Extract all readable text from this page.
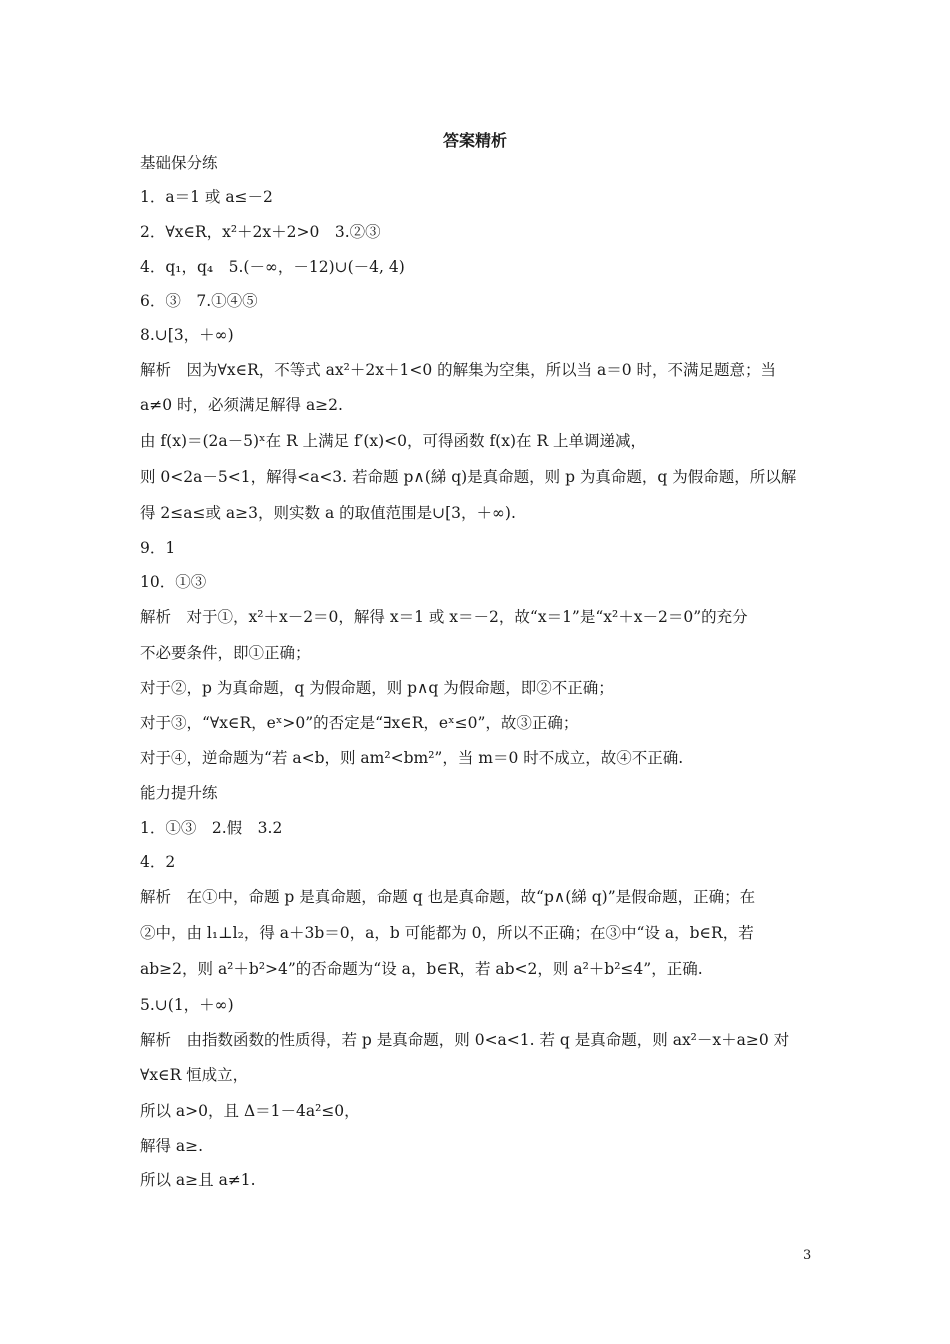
答案精析
基础保分练
1．a＝1 或 a≤－2
2．∀x∈R，x²＋2x＋2>0　3.②③
4．q₁，q₄　5.(－∞，－12)∪(－4, 4)
6．③　7.①④⑤
8.∪[3，＋∞)
解析　因为∀x∈R，不等式 ax²＋2x＋1<0 的解集为空集，所以当 a＝0 时，不满足题意；当
a≠0 时，必须满足解得 a≥2.
由 f(x)＝(2a－5)ˣ在 R 上满足 f′(x)<0，可得函数 f(x)在 R 上单调递减，
则 0<2a－5<1，解得<a<3. 若命题 p∧(綈 q)是真命题，则 p 为真命题，q 为假命题，所以解
得 2≤a≤或 a≥3，则实数 a 的取值范围是∪[3，＋∞).
9．1
10．①③
解析　对于①，x²＋x－2＝0，解得 x＝1 或 x＝－2，故“x＝1”是“x²＋x－2＝0”的充分
不必要条件，即①正确；
对于②，p 为真命题，q 为假命题，则 p∧q 为假命题，即②不正确；
对于③，“∀x∈R，eˣ>0”的否定是“∃x∈R，eˣ≤0”，故③正确；
对于④，逆命题为“若 a<b，则 am²<bm²”，当 m＝0 时不成立，故④不正确.
能力提升练
1．①③　2.假　3.2
4．2
解析　在①中，命题 p 是真命题，命题 q 也是真命题，故“p∧(綈 q)”是假命题，正确；在
②中，由 l₁⊥l₂，得 a＋3b＝0，a，b 可能都为 0，所以不正确；在③中“设 a，b∈R，若
ab≥2，则 a²＋b²>4”的否命题为“设 a，b∈R，若 ab<2，则 a²＋b²≤4”，正确.
5.∪(1，＋∞)
解析　由指数函数的性质得，若 p 是真命题，则 0<a<1. 若 q 是真命题，则 ax²－x＋a≥0 对
∀x∈R 恒成立，
所以 a>0，且 Δ＝1－4a²≤0，
解得 a≥.
所以 a≥且 a≠1.
3
